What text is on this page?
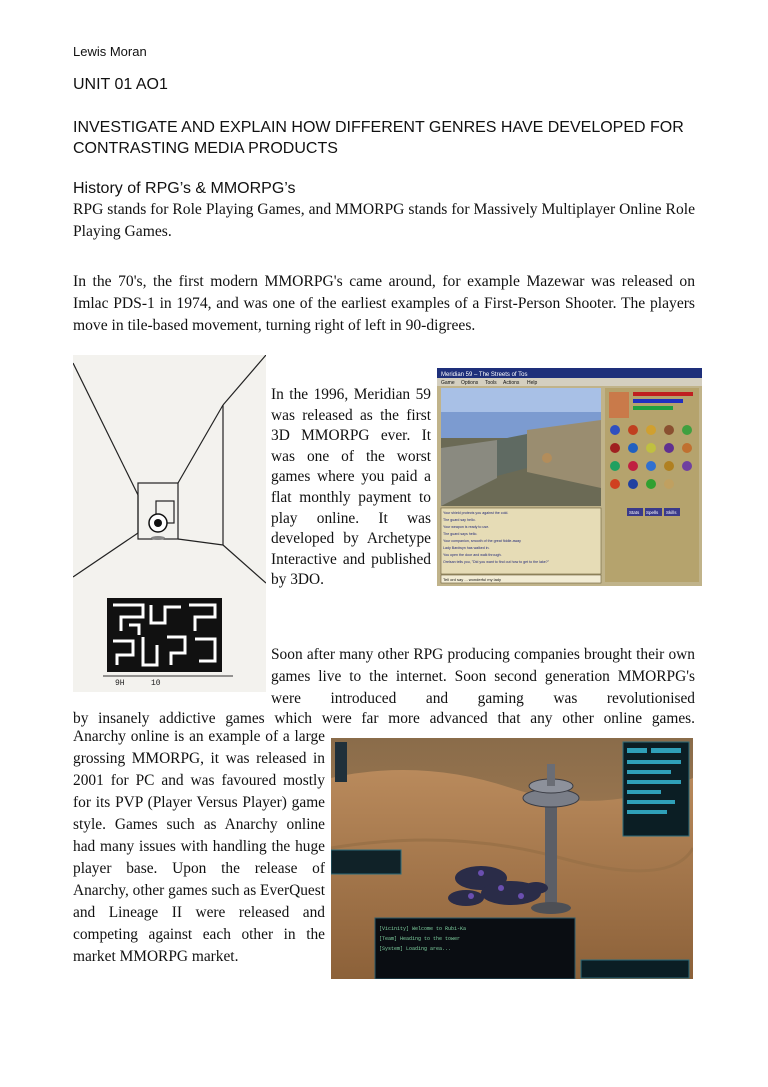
Lewis Moran
UNIT 01 AO1
INVESTIGATE AND EXPLAIN HOW DIFFERENT GENRES HAVE DEVELOPED FOR CONTRASTING MEDIA PRODUCTS
History of RPG’s & MMORPG’s
RPG stands for Role Playing Games, and MMORPG stands for Massively Multiplayer Online Role Playing Games.
In the 70's, the first modern MMORPG's came around, for example Mazewar was released on Imlac PDS-1 in 1974, and was one of the earliest examples of a First-Person Shooter. The players move in tile-based movement, turning right of left in 90-digrees.
9H	10
Meridian 59 – The Streets of Tos
Game Options Tools Actions Help
Your shield protects you against the cold.
The guard say hello.
Your weapon is ready to use.
The guard says hello.
Your companion, smooth of the great fiddle-away
Lady Bardwyn has walked in.
You open the door and walk through.
Orelsan tells you, "Did you want to find out how to get to the lake?"
Tell ord say ... wonderful my lady
Stats Spells Skills
In the 1996, Meridian 59 was released as the first 3D MMORPG ever. It was one of the worst games where you paid a flat monthly payment to play online. It was developed by Archetype Interactive and published by 3DO.
Soon after many other RPG producing companies brought their own games live to the internet. Soon second generation MMORPG's were introduced and gaming was revolutionised
by insanely addictive games which were far more advanced that any other online games.
Anarchy online is an example of a large grossing MMORPG, it was released in 2001 for PC and was favoured mostly for its PVP (Player Versus Player) game style. Games such as Anarchy online had many issues with handling the huge player base. Upon the release of Anarchy, other games such as EverQuest and Lineage II were released and competing against each other in the market MMORPG market.
[Vicinity] Welcome to Rubi-Ka
[Team] Heading to the tower
[System] Loading area...
